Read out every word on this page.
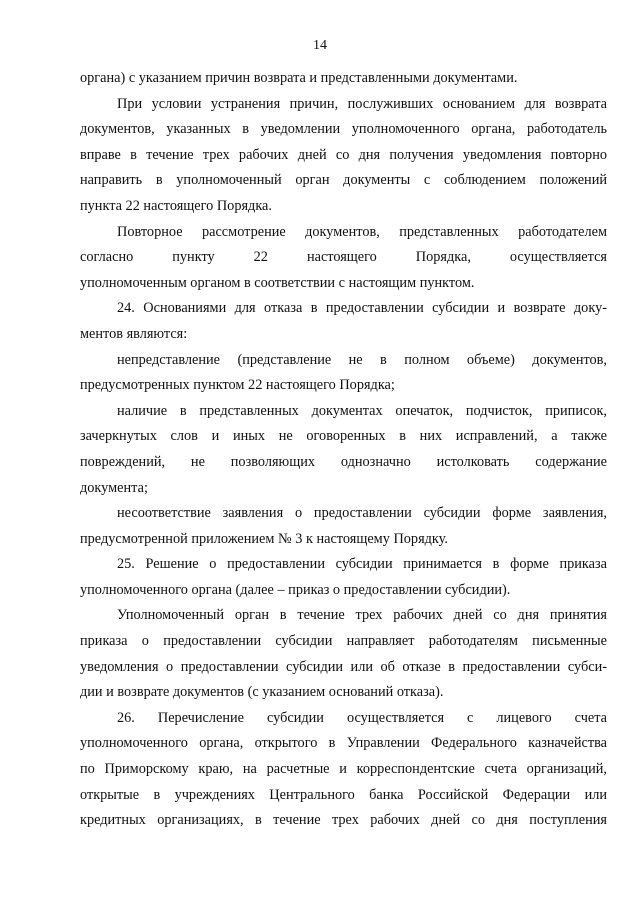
14
органа) с указанием причин возврата и представленными документами.
При условии устранения причин, послуживших основанием для возврата
документов, указанных в уведомлении уполномоченного органа, работодатель
вправе в течение трех рабочих дней со дня получения уведомления повторно
направить в уполномоченный орган документы с соблюдением положений
пункта 22 настоящего Порядка.
Повторное рассмотрение документов, представленных работодателем
согласно пункту 22 настоящего Порядка, осуществляется
уполномоченным органом в соответствии с настоящим пунктом.
24. Основаниями для отказа в предоставлении субсидии и возврате доку-
ментов являются:
непредставление (представление не в полном объеме) документов,
предусмотренных пунктом 22 настоящего Порядка;
наличие в представленных документах опечаток, подчисток, приписок,
зачеркнутых слов и иных не оговоренных в них исправлений, а также
повреждений, не позволяющих однозначно истолковать содержание
документа;
несоответствие заявления о предоставлении субсидии форме заявления,
предусмотренной приложением № 3 к настоящему Порядку.
25. Решение о предоставлении субсидии принимается в форме приказа
уполномоченного органа (далее – приказ о предоставлении субсидии).
Уполномоченный орган в течение трех рабочих дней со дня принятия
приказа о предоставлении субсидии направляет работодателям письменные
уведомления о предоставлении субсидии или об отказе в предоставлении субси-
дии и возврате документов (с указанием оснований отказа).
26. Перечисление субсидии осуществляется с лицевого счета
уполномоченного органа, открытого в Управлении Федерального казначейства
по Приморскому краю, на расчетные и корреспондентские счета организаций,
открытые в учреждениях Центрального банка Российской Федерации или
кредитных организациях, в течение трех рабочих дней со дня поступления
